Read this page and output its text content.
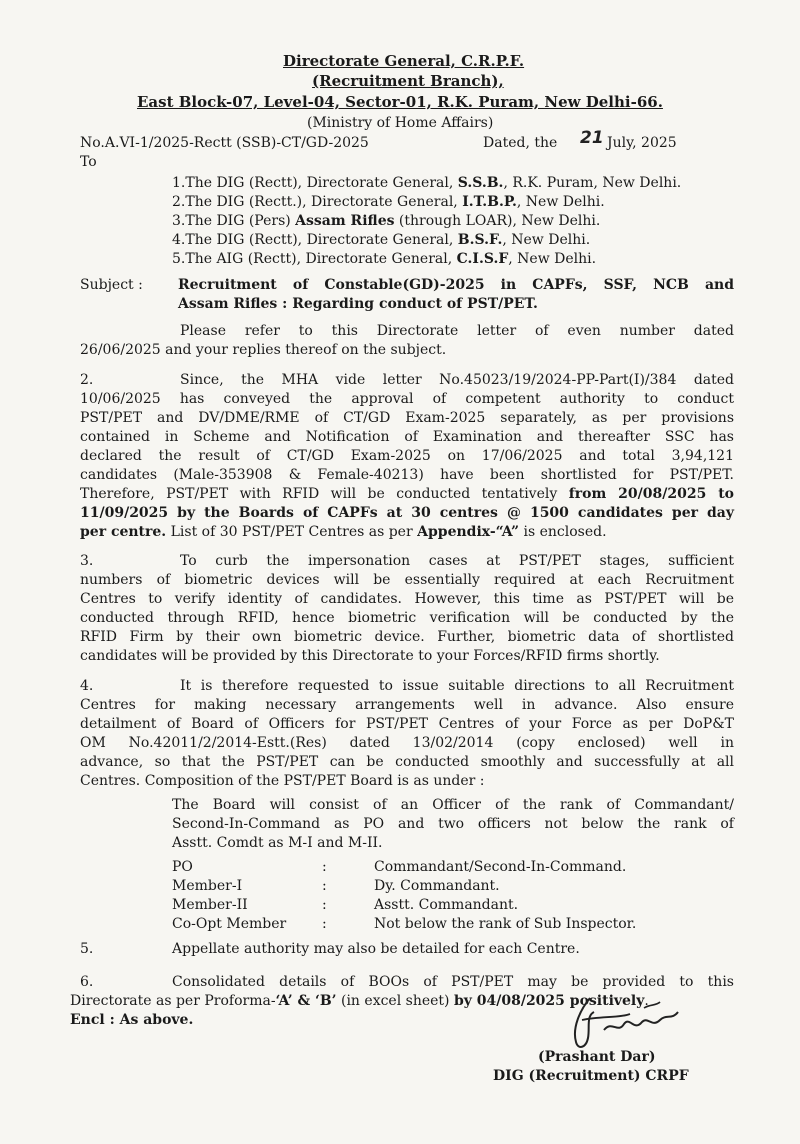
Directorate General, C.R.P.F.
(Recruitment Branch),
East Block-07, Level-04, Sector-01, R.K. Puram, New Delhi-66.
(Ministry of Home Affairs)
No.A.VI-1/2025-Rectt (SSB)-CT/GD-2025	Dated, the 21 July, 2025
To
1.The DIG (Rectt), Directorate General, S.S.B., R.K. Puram, New Delhi.
2.The DIG (Rectt.), Directorate General, I.T.B.P., New Delhi.
3.The DIG (Pers) Assam Rifles (through LOAR), New Delhi.
4.The DIG (Rectt), Directorate General, B.S.F., New Delhi.
5.The AIG (Rectt), Directorate General, C.I.S.F, New Delhi.
Subject :	Recruitment of Constable(GD)-2025 in CAPFs, SSF, NCB and
Assam Rifles : Regarding conduct of PST/PET.
Please refer to this Directorate letter of even number dated
26/06/2025 and your replies thereof on the subject.
2.	Since, the MHA vide letter No.45023/19/2024-PP-Part(I)/384 dated
10/06/2025 has conveyed the approval of competent authority to conduct
PST/PET and DV/DME/RME of CT/GD Exam-2025 separately, as per provisions
contained in Scheme and Notification of Examination and thereafter SSC has
declared the result of CT/GD Exam-2025 on 17/06/2025 and total 3,94,121
candidates (Male-353908 & Female-40213) have been shortlisted for PST/PET.
Therefore, PST/PET with RFID will be conducted tentatively from 20/08/2025 to
11/09/2025 by the Boards of CAPFs at 30 centres @ 1500 candidates per day
per centre. List of 30 PST/PET Centres as per Appendix-“A” is enclosed.
3.	To curb the impersonation cases at PST/PET stages, sufficient
numbers of biometric devices will be essentially required at each Recruitment
Centres to verify identity of candidates. However, this time as PST/PET will be
conducted through RFID, hence biometric verification will be conducted by the
RFID Firm by their own biometric device. Further, biometric data of shortlisted
candidates will be provided by this Directorate to your Forces/RFID firms shortly.
4.	It is therefore requested to issue suitable directions to all Recruitment
Centres for making necessary arrangements well in advance. Also ensure
detailment of Board of Officers for PST/PET Centres of your Force as per DoP&T
OM No.42011/2/2014-Estt.(Res) dated 13/02/2014 (copy enclosed) well in
advance, so that the PST/PET can be conducted smoothly and successfully at all
Centres. Composition of the PST/PET Board is as under :
The Board will consist of an Officer of the rank of Commandant/
Second-In-Command as PO and two officers not below the rank of
Asstt. Comdt as M-I and M-II.
PO	:	Commandant/Second-In-Command.
Member-I	:	Dy. Commandant.
Member-II	:	Asstt. Commandant.
Co-Opt Member	:	Not below the rank of Sub Inspector.
5.	Appellate authority may also be detailed for each Centre.
6.	Consolidated details of BOOs of PST/PET may be provided to this
Directorate as per Proforma-‘A’ & ‘B’ (in excel sheet) by 04/08/2025 positively.
Encl : As above.
(Prashant Dar)
DIG (Recruitment) CRPF
